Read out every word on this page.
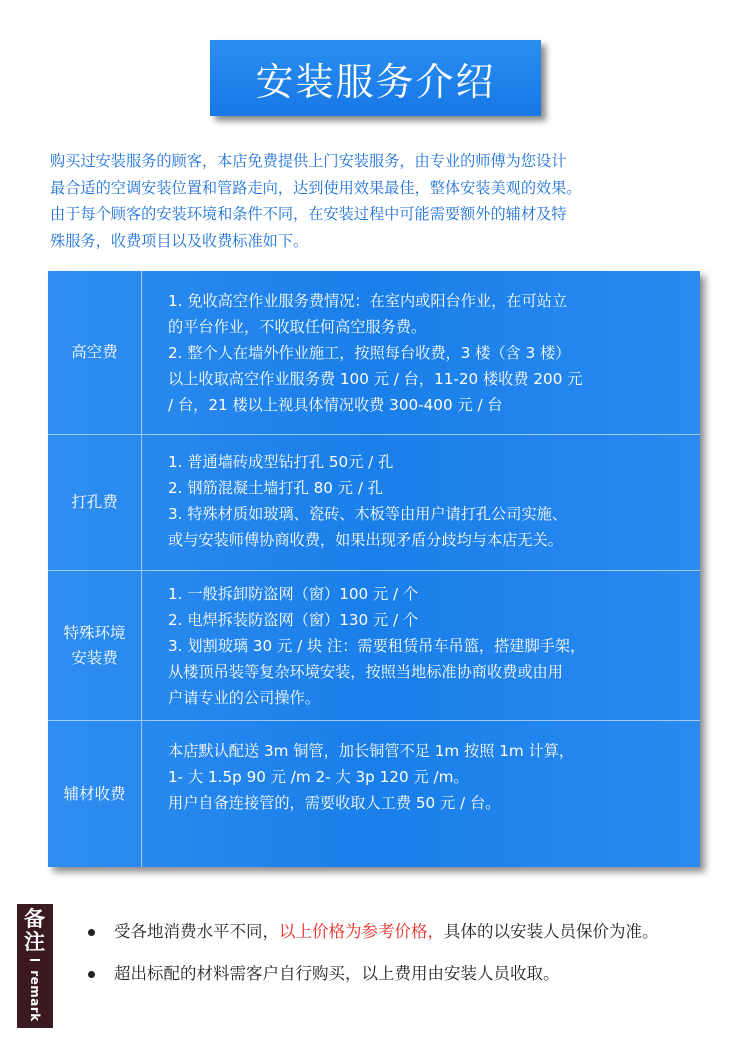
安装服务介绍

购买过安装服务的顾客，本店免费提供上门安装服务，由专业的师傅为您设计
最合适的空调安装位置和管路走向，达到使用效果最佳，整体安装美观的效果。
由于每个顾客的安装环境和条件不同，在安装过程中可能需要额外的辅材及特
殊服务，收费项目以及收费标准如下。

高空费
1. 免收高空作业服务费情况：在室内或阳台作业，在可站立
的平台作业，不收取任何高空服务费。
2. 整个人在墙外作业施工，按照每台收费，3 楼（含 3 楼）
以上收取高空作业服务费 100 元 / 台，11-20 楼收费 200 元
/ 台，21 楼以上视具体情况收费 300-400 元 / 台
打孔费
1. 普通墙砖成型钻打孔 50元 / 孔
2. 钢筋混凝土墙打孔 80 元 / 孔
3. 特殊材质如玻璃、瓷砖、木板等由用户请打孔公司实施、
或与安装师傅协商收费，如果出现矛盾分歧均与本店无关。
特殊环境
安装费
1. 一般拆卸防盗网（窗）100 元 / 个
2. 电焊拆装防盗网（窗）130 元 / 个
3. 划割玻璃 30 元 / 块 注：需要租赁吊车吊篮，搭建脚手架，
从楼顶吊装等复杂环境安装，按照当地标准协商收费或由用
户请专业的公司操作。
辅材收费
本店默认配送 3m 铜管，加长铜管不足 1m 按照 1m 计算，
1- 大 1.5p 90 元 /m 2- 大 3p 120 元 /m。
用户自备连接管的，需要收取人工费 50 元 / 台。
备注
remark
受各地消费水平不同，以上价格为参考价格，具体的以安装人员保价为准。
超出标配的材料需客户自行购买，以上费用由安装人员收取。
